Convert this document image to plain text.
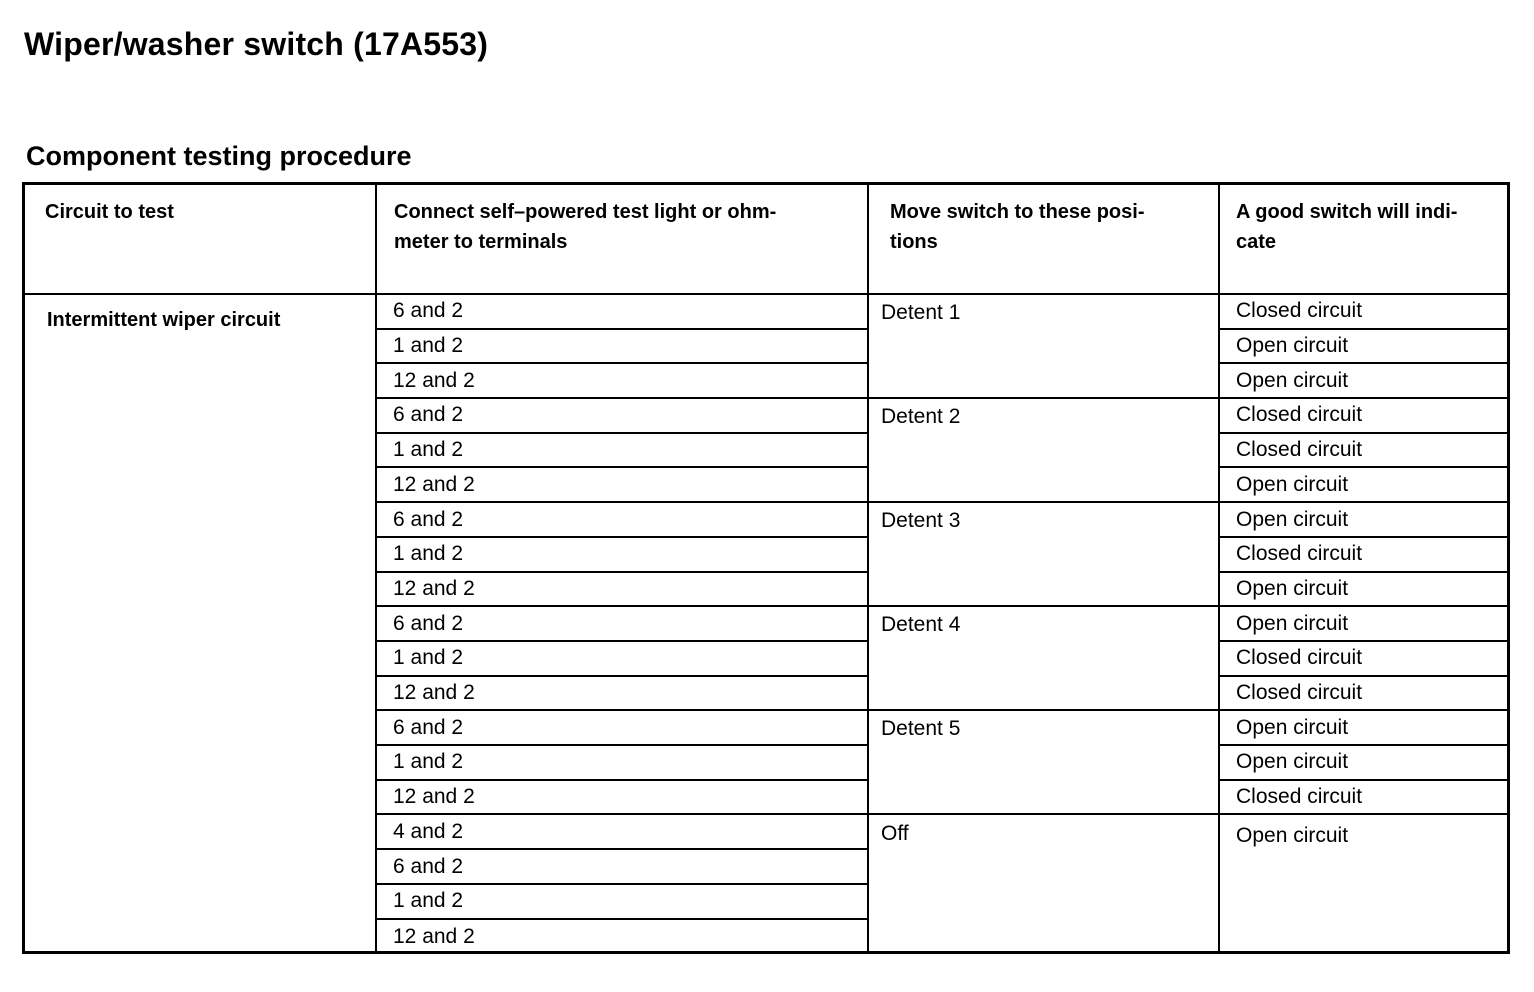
Wiper/washer switch (17A553)
Component testing procedure
Circuit to test	Connect self–powered test light or ohm-
meter to terminals
Move switch to these posi-
tions
A good switch will indi-
cate
Intermittent wiper circuit	6 and 2
1 and 2
12 and 2
6 and 2
1 and 2
12 and 2
6 and 2
1 and 2
12 and 2
6 and 2
1 and 2
12 and 2
6 and 2
1 and 2
12 and 2
4 and 2
6 and 2
1 and 2
12 and 2
Detent 1
Detent 2
Detent 3
Detent 4
Detent 5
Off
Closed circuit
Open circuit
Open circuit
Closed circuit
Closed circuit
Open circuit
Open circuit
Closed circuit
Open circuit
Open circuit
Closed circuit
Closed circuit
Open circuit
Open circuit
Closed circuit
Open circuit
